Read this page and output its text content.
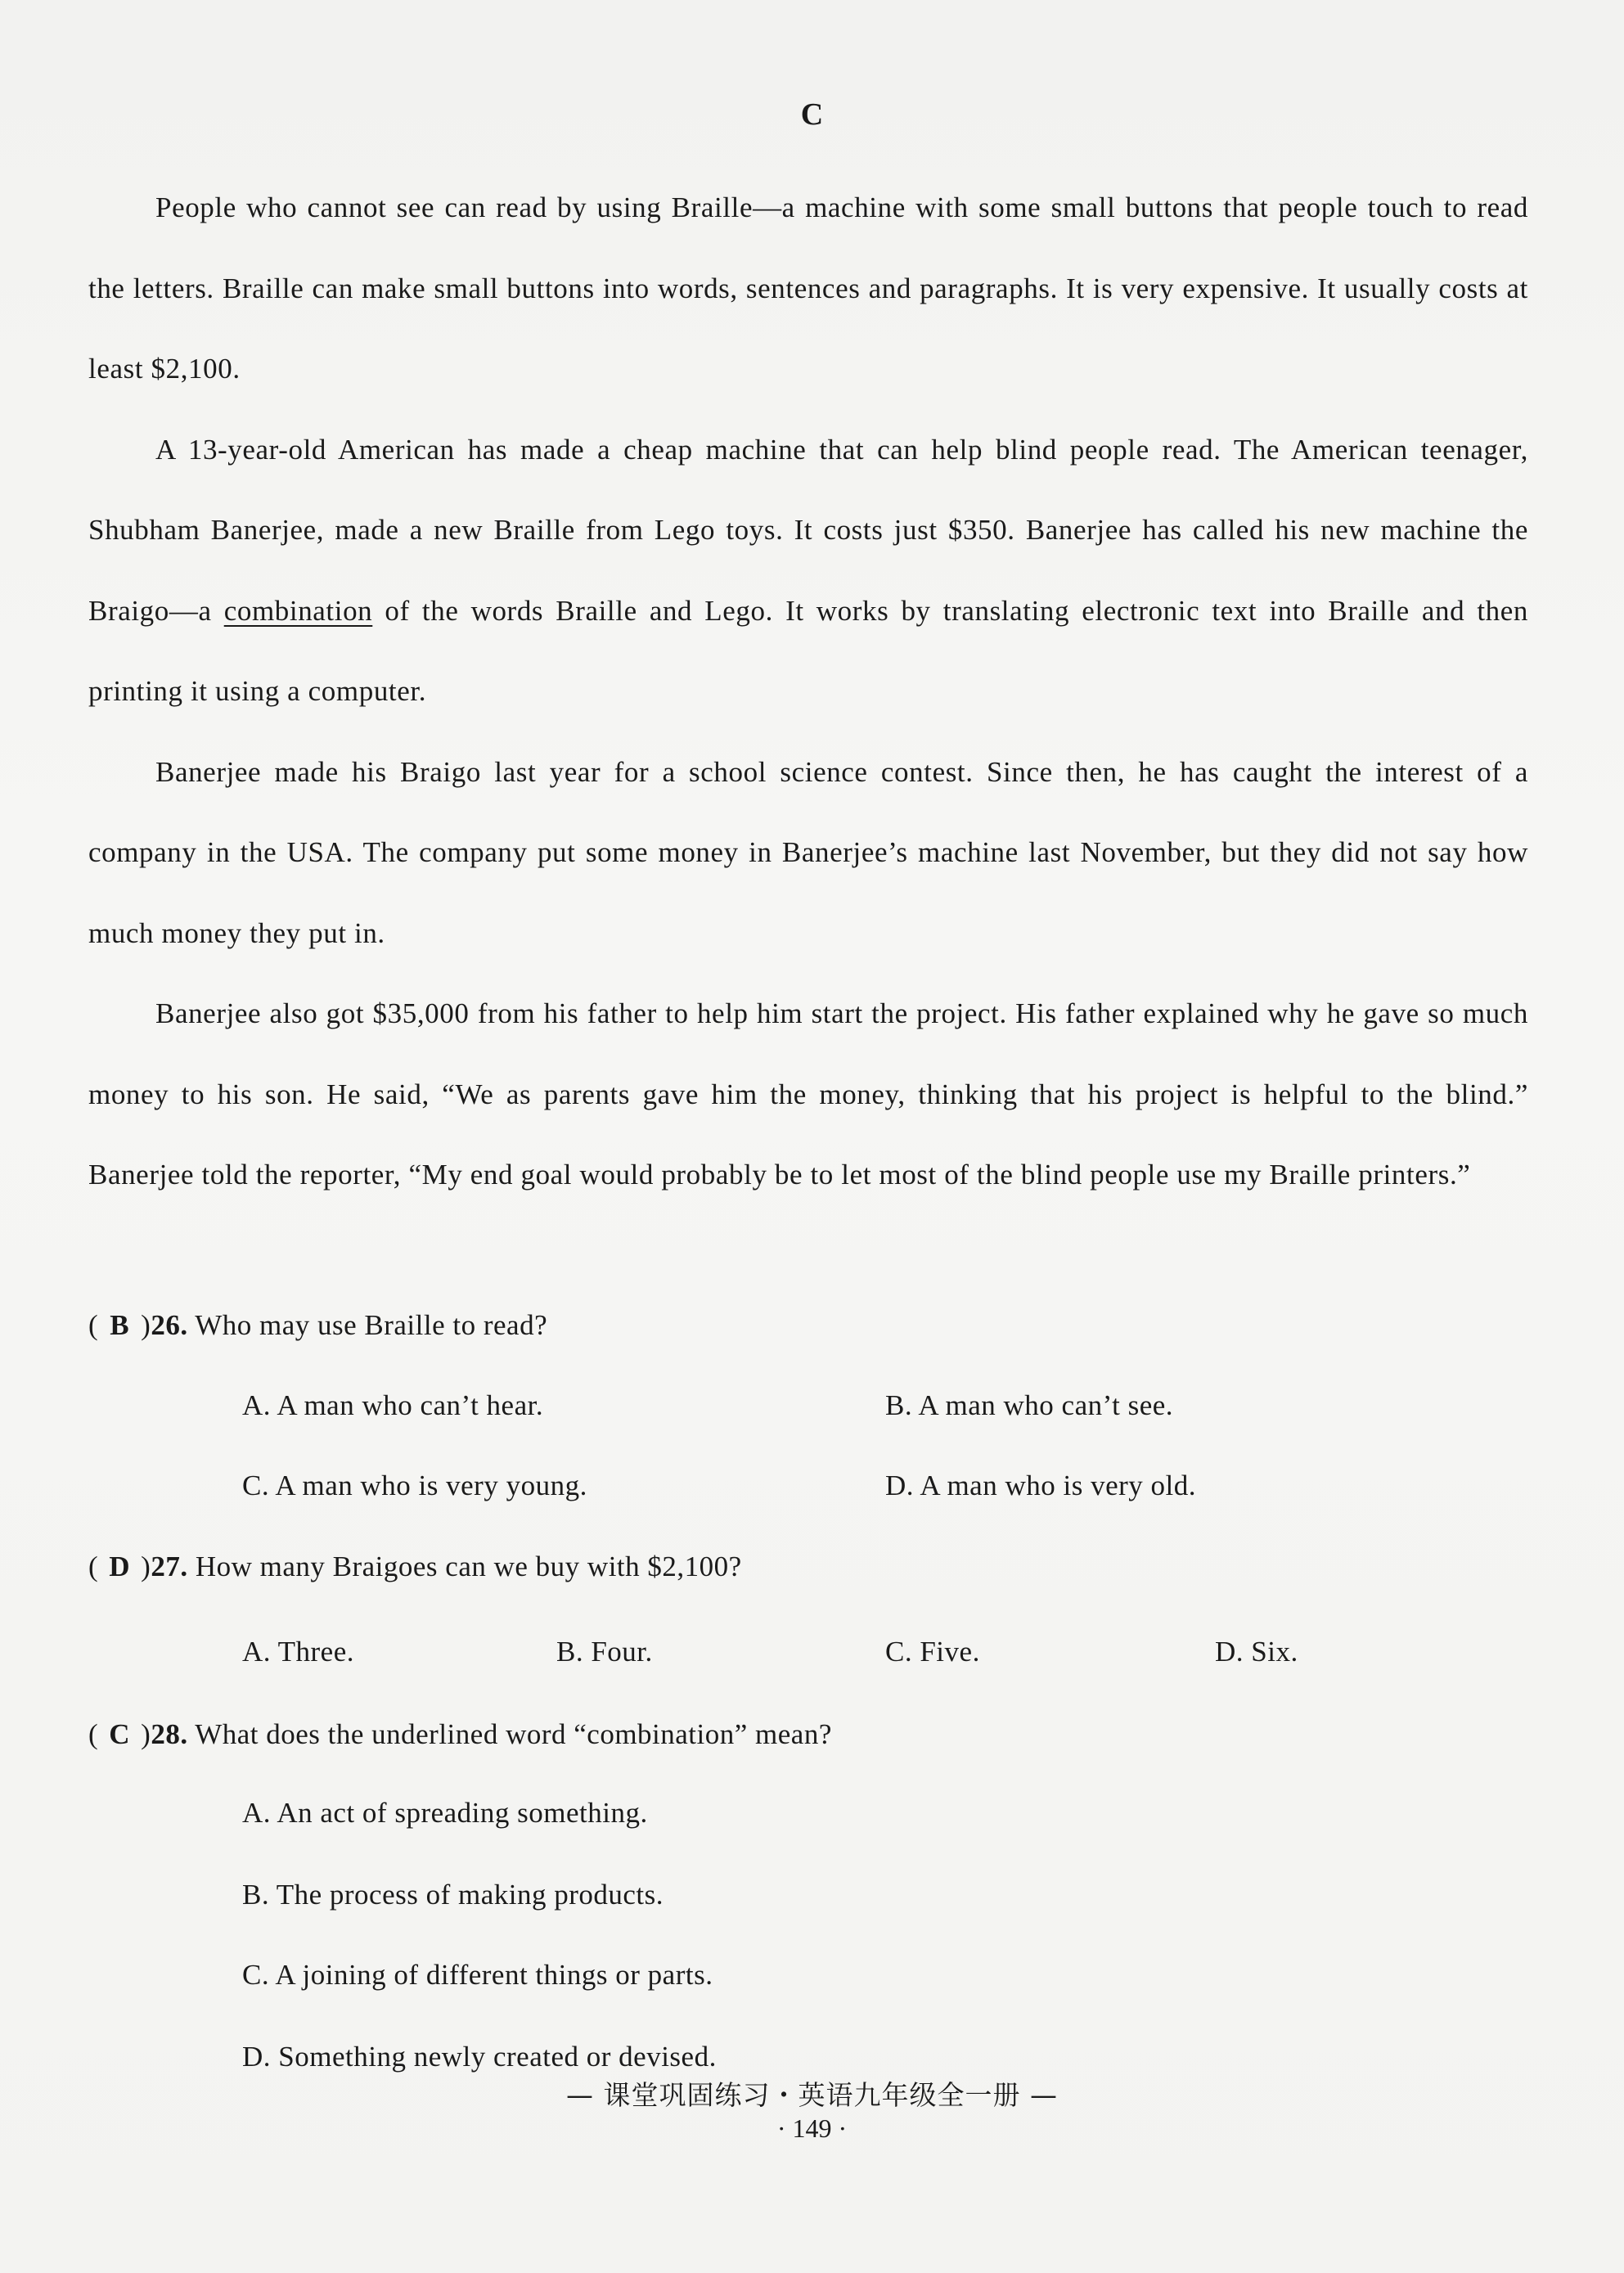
C

People who cannot see can read by using Braille—a machine with some small buttons that people touch to read the letters. Braille can make small buttons into words, sentences and paragraphs. It is very expensive. It usually costs at least $2,100.

A 13-year-old American has made a cheap machine that can help blind people read. The American teenager, Shubham Banerjee, made a new Braille from Lego toys. It costs just $350. Banerjee has called his new machine the Braigo—a combination of the words Braille and Lego. It works by translating electronic text into Braille and then printing it using a computer.

Banerjee made his Braigo last year for a school science contest. Since then, he has caught the interest of a company in the USA. The company put some money in Banerjee’s machine last November, but they did not say how much money they put in.

Banerjee also got $35,000 from his father to help him start the project. His father explained why he gave so much money to his son. He said, “We as parents gave him the money, thinking that his project is helpful to the blind.” Banerjee told the reporter, “My end goal would probably be to let most of the blind people use my Braille printers.”

( B )26. Who may use Braille to read?
A. A man who can’t hear.	B. A man who can’t see.
C. A man who is very young.	D. A man who is very old.
( D )27. How many Braigoes can we buy with $2,100?
A. Three.	B. Four.	C. Five.	D. Six.
( C )28. What does the underlined word “combination” mean?
A. An act of spreading something.
B. The process of making products.
C. A joining of different things or parts.
D. Something newly created or devised.
— 课堂巩固练习・英语九年级全一册 —
· 149 ·
